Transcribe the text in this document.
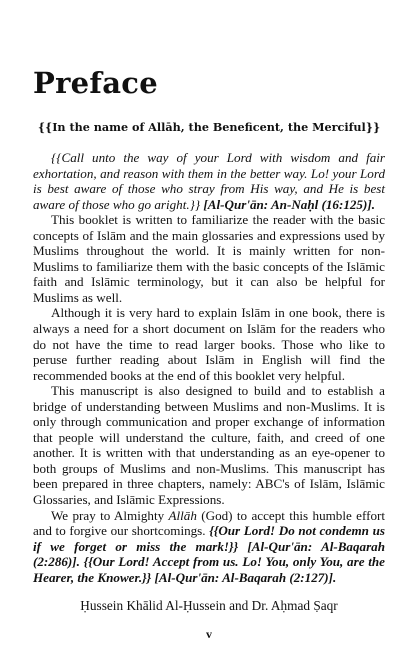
Preface
{{In the name of Allāh, the Beneficent, the Merciful}}

{{Call unto the way of your Lord with wisdom and fair exhortation, and reason with them in the better way. Lo! your Lord is best aware of those who stray from His way, and He is best aware of those who go aright.}} [Al-Qur'ān: An-Naḥl (16:125)].

This booklet is written to familiarize the reader with the basic concepts of Islām and the main glossaries and expressions used by Muslims throughout the world. It is mainly written for non-Muslims to familiarize them with the basic concepts of the Islāmic faith and Islāmic terminology, but it can also be helpful for Muslims as well.

Although it is very hard to explain Islām in one book, there is always a need for a short document on Islām for the readers who do not have the time to read larger books. Those who like to peruse further reading about Islām in English will find the recommended books at the end of this booklet very helpful.

This manuscript is also designed to build and to establish a bridge of understanding between Muslims and non-Muslims. It is only through communication and proper exchange of information that people will understand the culture, faith, and creed of one another. It is written with that understanding as an eye-opener to both groups of Muslims and non-Muslims. This manuscript has been prepared in three chapters, namely: ABC's of Islām, Islāmic Glossaries, and Islāmic Expressions.

We pray to Almighty Allāh (God) to accept this humble effort and to forgive our shortcomings. {{Our Lord! Do not condemn us if we forget or miss the mark!}} [Al-Qur'ān: Al-Baqarah (2:286)]. {{Our Lord! Accept from us. Lo! You, only You, are the Hearer, the Knower.}} [Al-Qur'ān: Al-Baqarah (2:127)].

Ḥussein Khālid Al-Ḥussein and Dr. Aḥmad Ṣaqr
v
